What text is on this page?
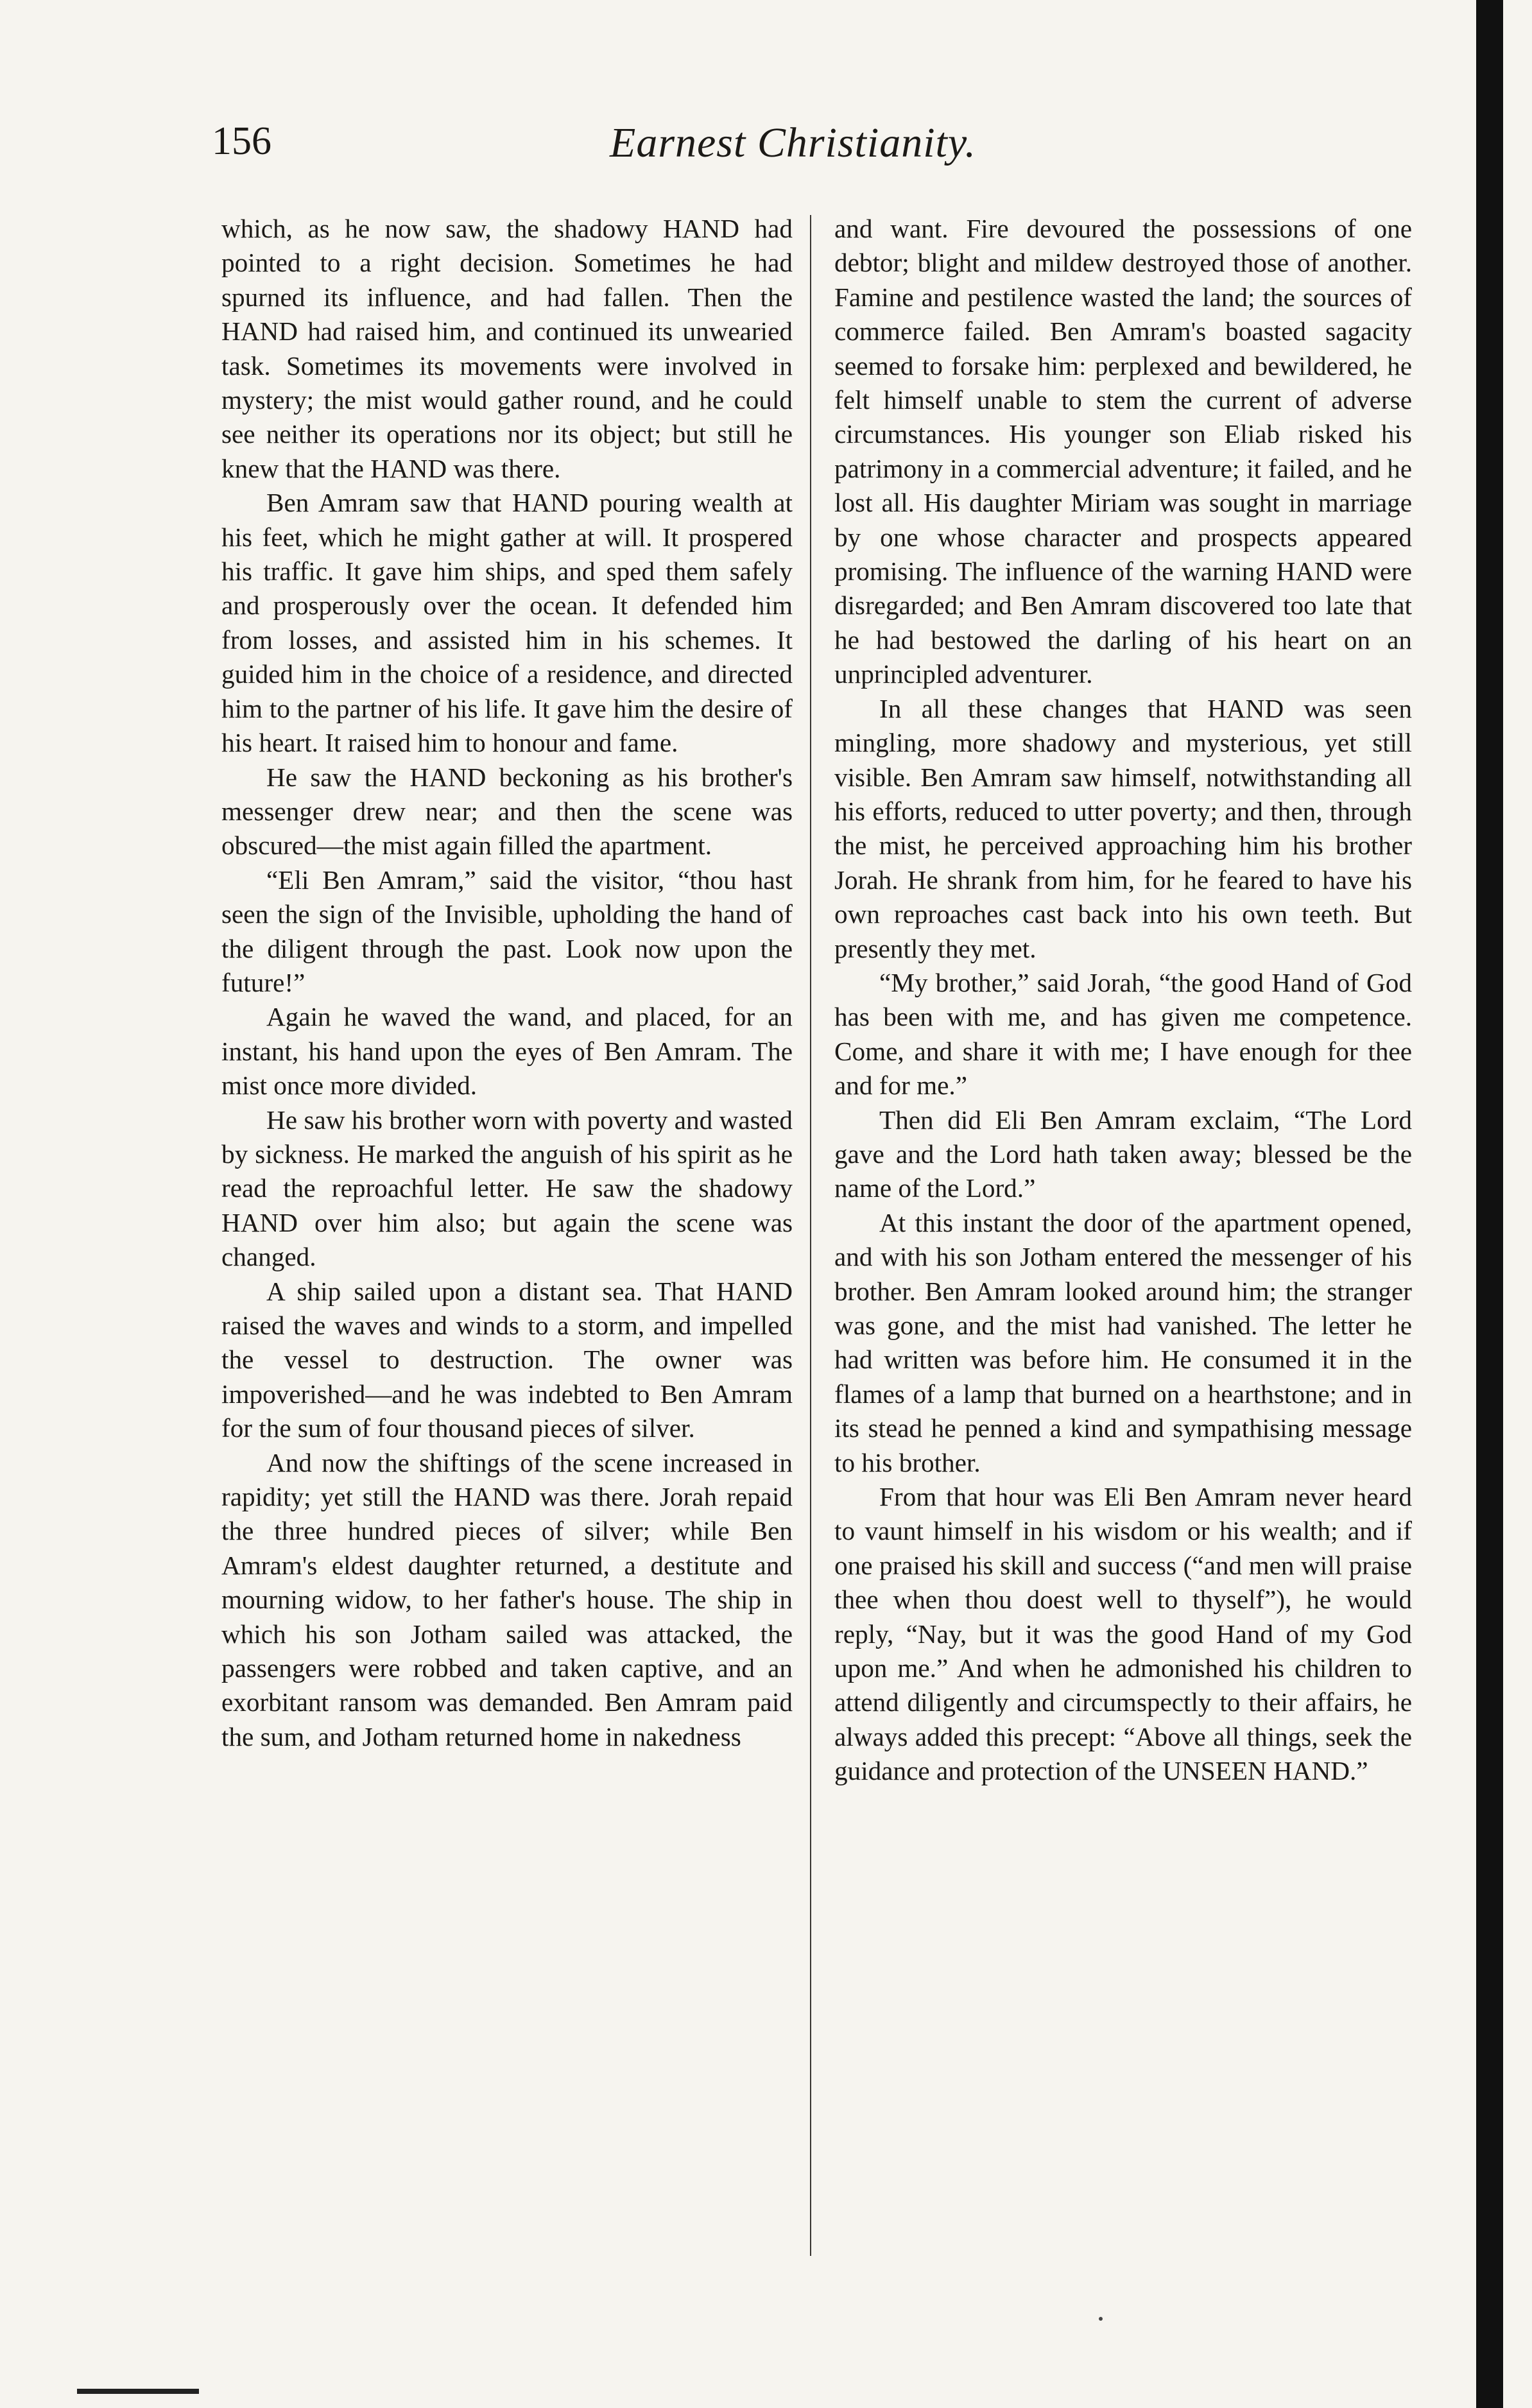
156	Earnest Christianity.

which, as he now saw, the shadowy HAND had pointed to a right decision. Sometimes he had spurned its influence, and had fallen. Then the HAND had raised him, and continued its unwearied task. Sometimes its movements were involved in mystery; the mist would gather round, and he could see neither its operations nor its object; but still he knew that the HAND was there.

Ben Amram saw that HAND pouring wealth at his feet, which he might gather at will. It prospered his traffic. It gave him ships, and sped them safely and prosperously over the ocean. It defended him from losses, and assisted him in his schemes. It guided him in the choice of a residence, and directed him to the partner of his life. It gave him the desire of his heart. It raised him to honour and fame.

He saw the HAND beckoning as his brother's messenger drew near; and then the scene was obscured—the mist again filled the apartment.

“Eli Ben Amram,” said the visitor, “thou hast seen the sign of the Invisible, upholding the hand of the diligent through the past. Look now upon the future!”

Again he waved the wand, and placed, for an instant, his hand upon the eyes of Ben Amram. The mist once more divided.

He saw his brother worn with poverty and wasted by sickness. He marked the anguish of his spirit as he read the reproachful letter. He saw the shadowy HAND over him also; but again the scene was changed.

A ship sailed upon a distant sea. That HAND raised the waves and winds to a storm, and impelled the vessel to destruction. The owner was impoverished—and he was indebted to Ben Amram for the sum of four thousand pieces of silver.

And now the shiftings of the scene increased in rapidity; yet still the HAND was there. Jorah repaid the three hundred pieces of silver; while Ben Amram's eldest daughter returned, a destitute and mourning widow, to her father's house. The ship in which his son Jotham sailed was attacked, the passengers were robbed and taken captive, and an exorbitant ransom was demanded. Ben Amram paid the sum, and Jotham returned home in nakedness

and want. Fire devoured the possessions of one debtor; blight and mildew destroyed those of another. Famine and pestilence wasted the land; the sources of commerce failed. Ben Amram's boasted sagacity seemed to forsake him: perplexed and bewildered, he felt himself unable to stem the current of adverse circumstances. His younger son Eliab risked his patrimony in a commercial adventure; it failed, and he lost all. His daughter Miriam was sought in marriage by one whose character and prospects appeared promising. The influence of the warning HAND were disregarded; and Ben Amram discovered too late that he had bestowed the darling of his heart on an unprincipled adventurer.

In all these changes that HAND was seen mingling, more shadowy and mysterious, yet still visible. Ben Amram saw himself, notwithstanding all his efforts, reduced to utter poverty; and then, through the mist, he perceived approaching him his brother Jorah. He shrank from him, for he feared to have his own reproaches cast back into his own teeth. But presently they met.

“My brother,” said Jorah, “the good Hand of God has been with me, and has given me competence. Come, and share it with me; I have enough for thee and for me.”

Then did Eli Ben Amram exclaim, “The Lord gave and the Lord hath taken away; blessed be the name of the Lord.”

At this instant the door of the apartment opened, and with his son Jotham entered the messenger of his brother. Ben Amram looked around him; the stranger was gone, and the mist had vanished. The letter he had written was before him. He consumed it in the flames of a lamp that burned on a hearthstone; and in its stead he penned a kind and sympathising message to his brother.

From that hour was Eli Ben Amram never heard to vaunt himself in his wisdom or his wealth; and if one praised his skill and success (“and men will praise thee when thou doest well to thyself”), he would reply, “Nay, but it was the good Hand of my God upon me.” And when he admonished his children to attend diligently and circumspectly to their affairs, he always added this precept: “Above all things, seek the guidance and protection of the UNSEEN HAND.”
